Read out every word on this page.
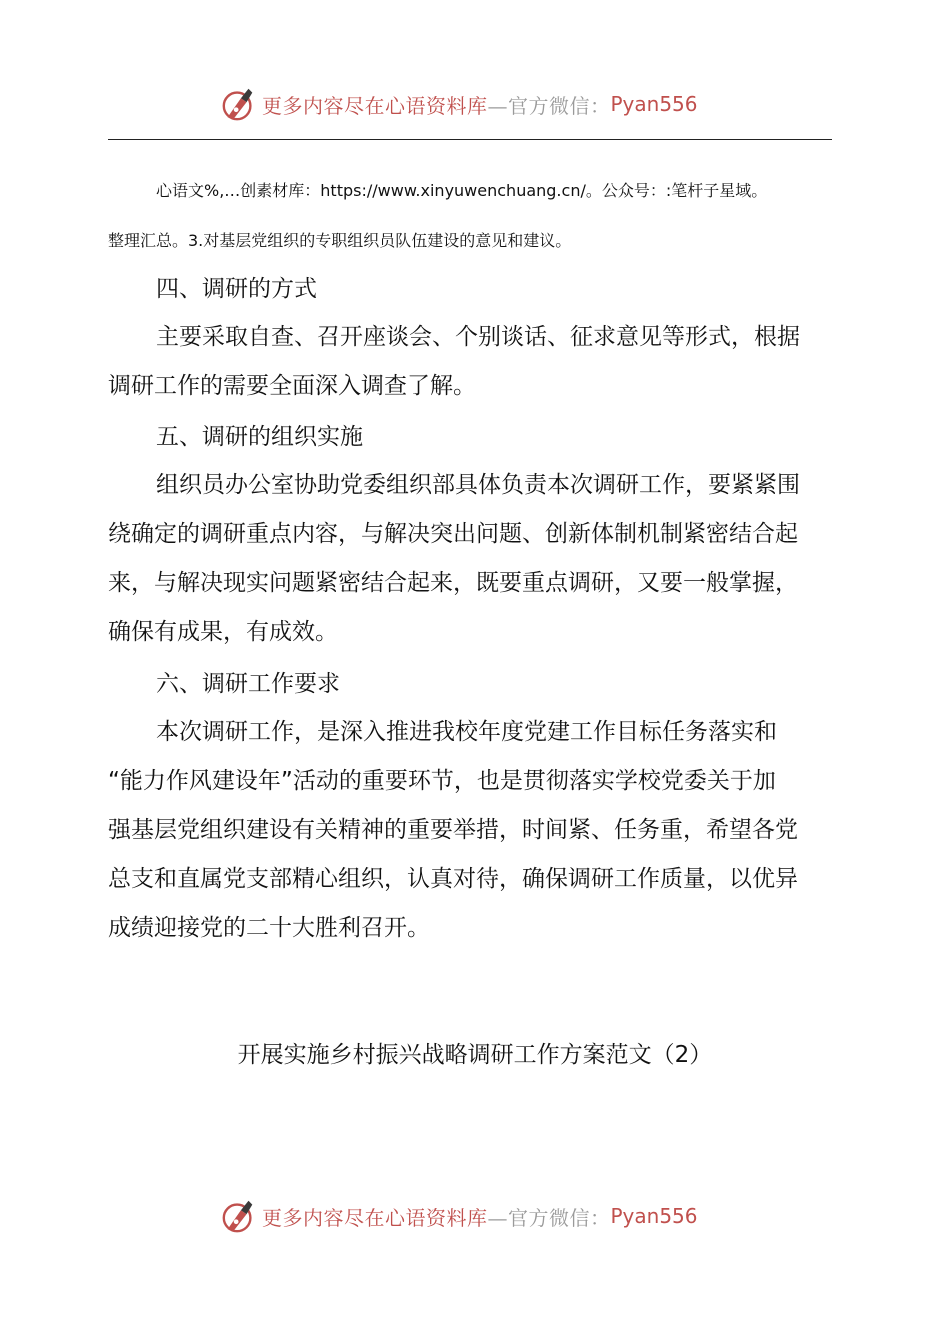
更多内容尽在心语资料库 —官方微信： Pyan556
心语文%,…创素材库：https://www.xinyuwenchuang.cn/。公众号：:笔杆子星域。
整理汇总。3.对基层党组织的专职组织员队伍建设的意见和建议。
四、调研的方式
主要采取自查、召开座谈会、个别谈话、征求意见等形式，根据
调研工作的需要全面深入调查了解。
五、调研的组织实施
组织员办公室协助党委组织部具体负责本次调研工作，要紧紧围
绕确定的调研重点内容，与解决突出问题、创新体制机制紧密结合起
来，与解决现实问题紧密结合起来，既要重点调研，又要一般掌握，
确保有成果，有成效。
六、调研工作要求
本次调研工作，是深入推进我校年度党建工作目标任务落实和
“能力作风建设年”活动的重要环节，也是贯彻落实学校党委关于加
强基层党组织建设有关精神的重要举措，时间紧、任务重，希望各党
总支和直属党支部精心组织，认真对待，确保调研工作质量，以优异
成绩迎接党的二十大胜利召开。
开展实施乡村振兴战略调研工作方案范文（2）
更多内容尽在心语资料库 —官方微信： Pyan556
